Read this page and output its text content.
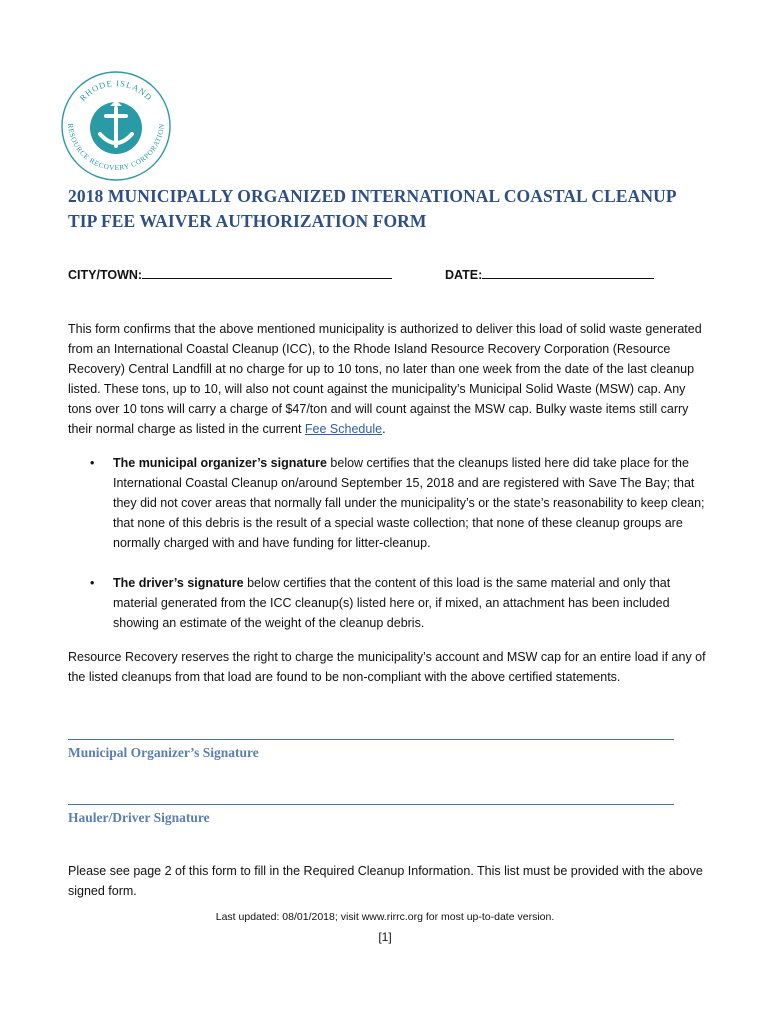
RHODE ISLAND
RESOURCE RECOVERY CORPORATION
2018 MUNICIPALLY ORGANIZED INTERNATIONAL COASTAL CLEANUP
TIP FEE WAIVER AUTHORIZATION FORM
CITY/TOWN:	DATE:

This form confirms that the above mentioned municipality is authorized to deliver this load of solid waste generated from an International Coastal Cleanup (ICC), to the Rhode Island Resource Recovery Corporation (Resource Recovery) Central Landfill at no charge for up to 10 tons, no later than one week from the date of the last cleanup listed. These tons, up to 10, will also not count against the municipality’s Municipal Solid Waste (MSW) cap. Any tons over 10 tons will carry a charge of $47/ton and will count against the MSW cap. Bulky waste items still carry their normal charge as listed in the current Fee Schedule.

• The municipal organizer’s signature below certifies that the cleanups listed here did take place for the International Coastal Cleanup on/around September 15, 2018 and are registered with Save The Bay; that they did not cover areas that normally fall under the municipality’s or the state’s reasonability to keep clean; that none of this debris is the result of a special waste collection; that none of these cleanup groups are normally charged with and have funding for litter-cleanup.
• The driver’s signature below certifies that the content of this load is the same material and only that material generated from the ICC cleanup(s) listed here or, if mixed, an attachment has been included showing an estimate of the weight of the cleanup debris.

Resource Recovery reserves the right to charge the municipality’s account and MSW cap for an entire load if any of the listed cleanups from that load are found to be non-compliant with the above certified statements.

Municipal Organizer’s Signature

Hauler/Driver Signature

Please see page 2 of this form to fill in the Required Cleanup Information. This list must be provided with the above signed form.

Last updated: 08/01/2018; visit www.rirrc.org for most up-to-date version.
[1]
